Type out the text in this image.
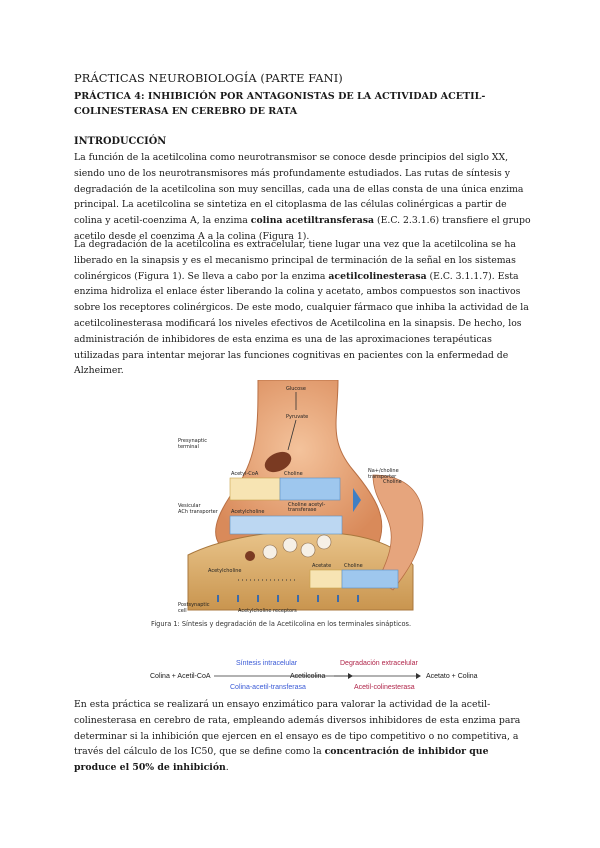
PRÁCTICAS NEUROBIOLOGÍA (PARTE FANI)
PRÁCTICA 4: INHIBICIÓN POR ANTAGONISTAS DE LA ACTIVIDAD ACETIL-COLINESTERASA EN CEREBRO DE RATA
INTRODUCCIÓN

La función de la acetilcolina como neurotransmisor se conoce desde principios del siglo XX, siendo uno de los neurotransmisores más profundamente estudiados. Las rutas de síntesis y degradación de la acetilcolina son muy sencillas, cada una de ellas consta de una única enzima principal. La acetilcolina se sintetiza en el citoplasma de las células colinérgicas a partir de colina y acetil-coenzima A, la enzima colina acetiltransferasa (E.C. 2.3.1.6) transfiere el grupo acetilo desde el coenzima A a la colina (Figura 1).

La degradación de la acetilcolina es extracelular, tiene lugar una vez que la acetilcolina se ha liberado en la sinapsis y es el mecanismo principal de terminación de la señal en los sistemas colinérgicos (Figura 1). Se lleva a cabo por la enzima acetilcolinesterasa (E.C. 3.1.1.7). Esta enzima hidroliza el enlace éster liberando la colina y acetato, ambos compuestos son inactivos sobre los receptores colinérgicos. De este modo, cualquier fármaco que inhiba la actividad de la acetilcolinesterasa modificará los niveles efectivos de Acetilcolina en la sinapsis. De hecho, los administración de inhibidores de esta enzima es una de las aproximaciones terapéuticas utilizadas para intentar mejorar las funciones cognitivas en pacientes con la enfermedad de Alzheimer.

Glucose
Pyruvate
Presynaptic
terminal
Acetyl-CoA	Choline	Na+/choline
transporter
Choline
Choline acetyl-
transferase
Acetylcholine
Vesicular
ACh transporter
Acetylcholine
Acetate	Choline
Postsynaptic
cell	Acetylcholine receptors
Figura 1: Síntesis y degradación de la Acetilcolina en los terminales sinápticos.
Colina + Acetil-CoA
Síntesis intracelular
Colina-acetil-transferasa
Acetilcolina
Degradación extracelular
Acetil-colinesterasa
Acetato + Colina

En esta práctica se realizará un ensayo enzimático para valorar la actividad de la acetil-colinesterasa en cerebro de rata, empleando además diversos inhibidores de esta enzima para determinar si la inhibición que ejercen en el ensayo es de tipo competitivo o no competitiva, a través del cálculo de los IC50, que se define como la concentración de inhibidor que produce el 50% de inhibición.
